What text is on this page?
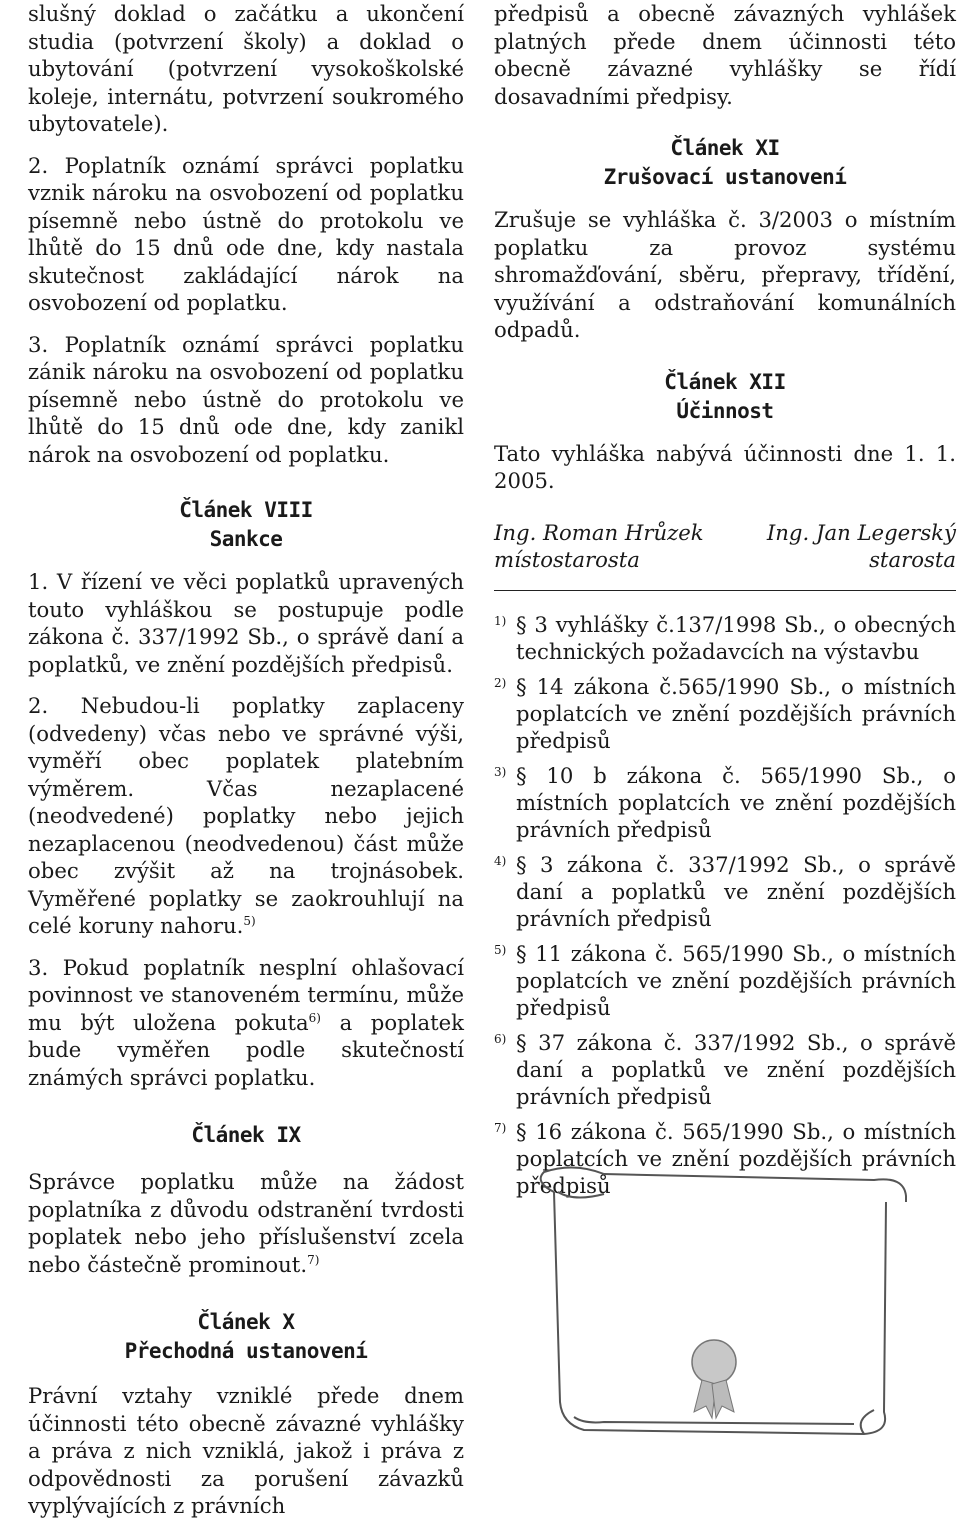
slušný doklad o začátku a ukončení studia (potvrzení školy) a doklad o ubytování (potvrzení vysokoškolské koleje, internátu, potvrzení soukromého ubytovatele).

2. Poplatník oznámí správci poplatku vznik nároku na osvobození od poplatku písemně nebo ústně do protokolu ve lhůtě do 15 dnů ode dne, kdy nastala skutečnost zakládající nárok na osvobození od poplatku.

3. Poplatník oznámí správci poplatku zánik nároku na osvobození od poplatku písemně nebo ústně do protokolu ve lhůtě do 15 dnů ode dne, kdy zanikl nárok na osvobození od poplatku.

Článek VIII
Sankce

1. V řízení ve věci poplatků upravených touto vyhláškou se postupuje podle zákona č. 337/1992 Sb., o správě daní a poplatků, ve znění pozdějších předpisů.

2. Nebudou-li poplatky zaplaceny (odvedeny) včas nebo ve správné výši, vyměří obec poplatek platebním výměrem. Včas nezaplacené (neodvedené) poplatky nebo jejich nezaplacenou (neodvedenou) část může obec zvýšit až na trojnásobek. Vyměřené poplatky se zaokrouhlují na celé koruny nahoru.$^{5)}$

3. Pokud poplatník nesplní ohlašovací povinnost ve stanoveném termínu, může mu být uložena pokuta$^{6)}$ a poplatek bude vyměřen podle skutečností známých správci poplatku.

Článek IX

Správce poplatku může na žádost poplatníka z důvodu odstranění tvrdosti poplatek nebo jeho příslušenství zcela nebo částečně prominout.$^{7)}$

Článek X
Přechodná ustanovení

Právní vztahy vzniklé přede dnem účinnosti této obecně závazné vyhlášky a práva z nich vzniklá, jakož i práva z odpovědnosti za porušení závazků vyplývajících z právních

předpisů a obecně závazných vyhlášek platných přede dnem účinnosti této obecně závazné vyhlášky se řídí dosavadními předpisy.

Článek XI
Zrušovací ustanovení

Zrušuje se vyhláška č. 3/2003 o místním poplatku za provoz systému shromažďování, sběru, přepravy, třídění, využívání a odstraňování komunálních odpadů.

Článek XII
Účinnost

Tato vyhláška nabývá účinnosti dne 1. 1. 2005.

Ing. Roman Hrůzek	Ing. Jan Legerský
místostarosta	starosta
1) § 3 vyhlášky č.137/1998 Sb., o obecných technických požadavcích na výstavbu
2) § 14 zákona č.565/1990 Sb., o místních poplatcích ve znění pozdějších právních předpisů
3) § 10 b zákona č. 565/1990 Sb., o místních poplatcích ve znění pozdějších právních předpisů
4) § 3 zákona č. 337/1992 Sb., o správě daní a poplatků ve znění pozdějších právních předpisů
5) § 11 zákona č. 565/1990 Sb., o místních poplatcích ve znění pozdějších právních předpisů
6) § 37 zákona č. 337/1992 Sb., o správě daní a poplatků ve znění pozdějších právních předpisů
7) § 16 zákona č. 565/1990 Sb., o místních poplatcích ve znění pozdějších právních předpisů
